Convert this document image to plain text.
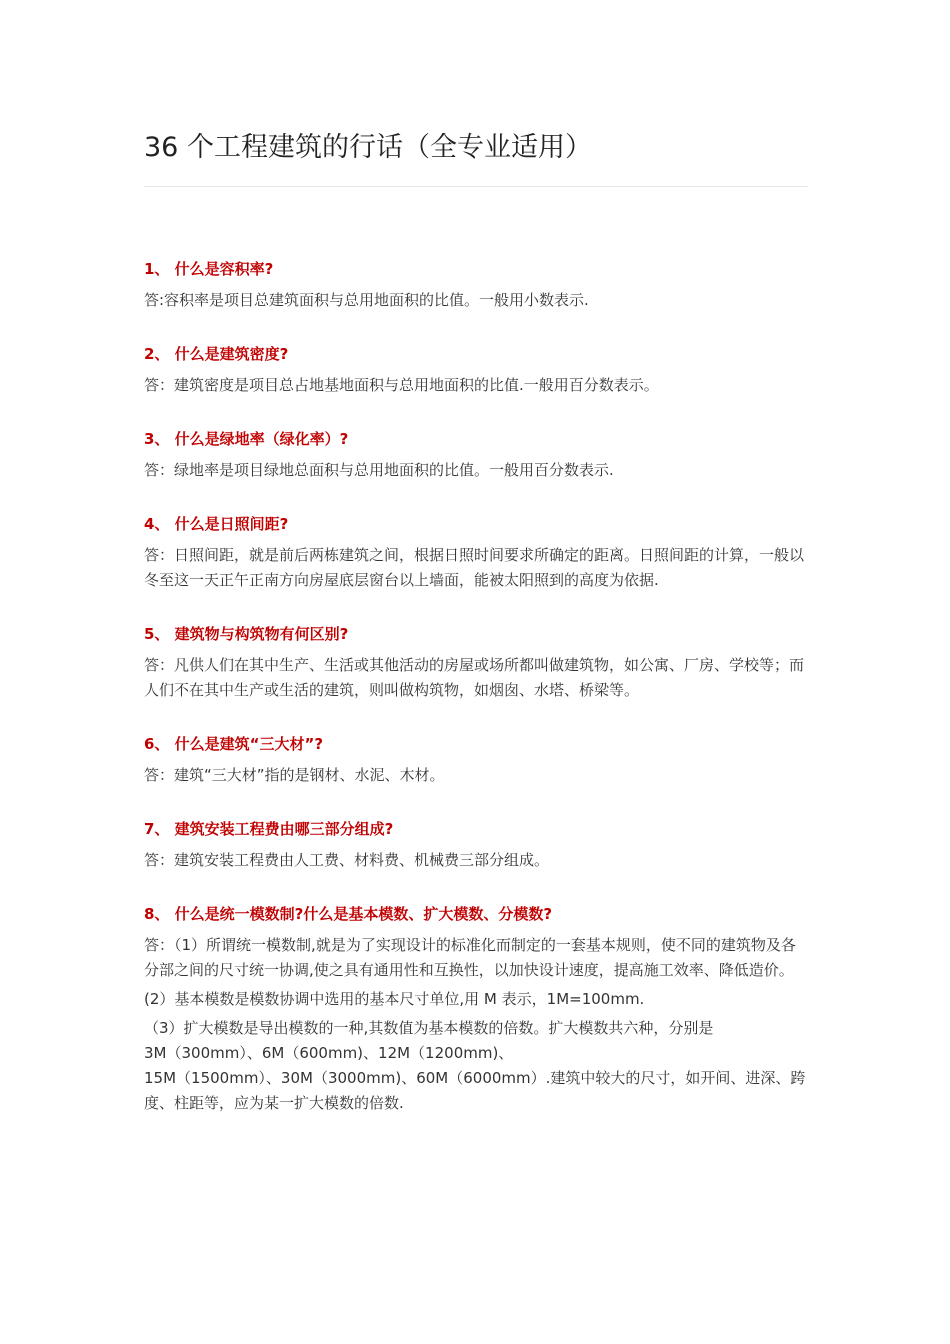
36 个工程建筑的行话（全专业适用）

1、 什么是容积率?

答:容积率是项目总建筑面积与总用地面积的比值。一般用小数表示.

2、 什么是建筑密度?

答：建筑密度是项目总占地基地面积与总用地面积的比值.一般用百分数表示。

3、 什么是绿地率（绿化率）?

答：绿地率是项目绿地总面积与总用地面积的比值。一般用百分数表示.

4、 什么是日照间距?

答：日照间距，就是前后两栋建筑之间，根据日照时间要求所确定的距离。日照间距的计算，一般以冬至这一天正午正南方向房屋底层窗台以上墙面，能被太阳照到的高度为依据.

5、 建筑物与构筑物有何区别?

答：凡供人们在其中生产、生活或其他活动的房屋或场所都叫做建筑物，如公寓、厂房、学校等；而人们不在其中生产或生活的建筑，则叫做构筑物，如烟囱、水塔、桥梁等。

6、 什么是建筑“三大材”?

答：建筑“三大材”指的是钢材、水泥、木材。

7、 建筑安装工程费由哪三部分组成?

答：建筑安装工程费由人工费、材料费、机械费三部分组成。

8、 什么是统一模数制?什么是基本模数、扩大模数、分模数?

答：（1）所谓统一模数制,就是为了实现设计的标准化而制定的一套基本规则，使不同的建筑物及各分部之间的尺寸统一协调,使之具有通用性和互换性，以加快设计速度，提高施工效率、降低造价。

(2）基本模数是模数协调中选用的基本尺寸单位,用 M 表示，1M=100mm.

（3）扩大模数是导出模数的一种,其数值为基本模数的倍数。扩大模数共六种，分别是

3M（300mm）、6M（600mm)、12M（1200mm)、

15M（1500mm）、30M（3000mm)、60M（6000mm）.建筑中较大的尺寸，如开间、进深、跨度、柱距等，应为某一扩大模数的倍数.
